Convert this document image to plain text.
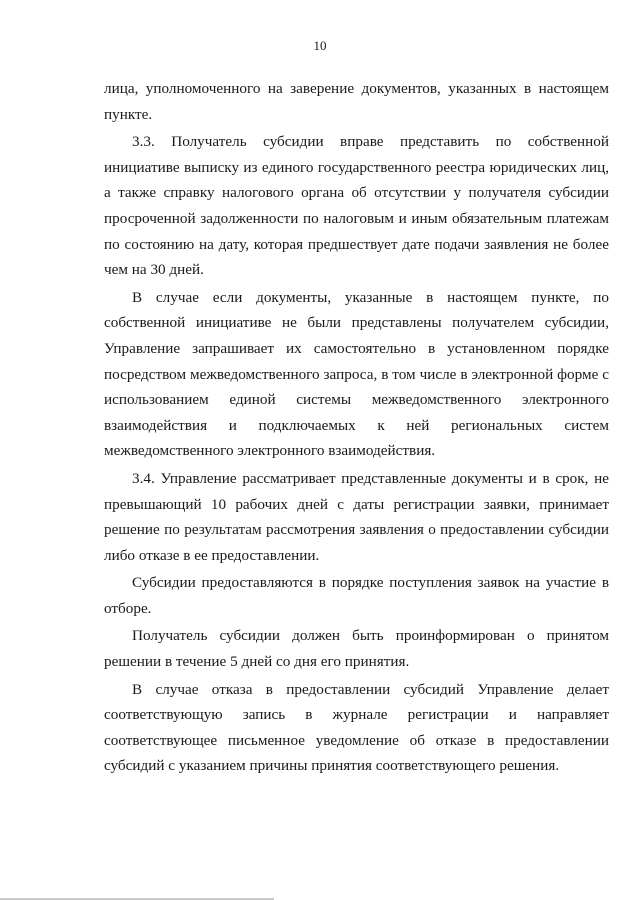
10

лица, уполномоченного на заверение документов, указанных в настоящем пункте.

3.3. Получатель субсидии вправе представить по собственной инициативе выписку из единого государственного реестра юридических лиц, а также справку налогового органа об отсутствии у получателя субсидии просроченной задолженности по налоговым и иным обязательным платежам по состоянию на дату, которая предшествует дате подачи заявления не более чем на 30 дней.

В случае если документы, указанные в настоящем пункте, по собственной инициативе не были представлены получателем субсидии, Управление запрашивает их самостоятельно в установленном порядке посредством межведомственного запроса, в том числе в электронной форме с использованием единой системы межведомственного электронного взаимодействия и подключаемых к ней региональных систем межведомственного электронного взаимодействия.

3.4. Управление рассматривает представленные документы и в срок, не превышающий 10 рабочих дней с даты регистрации заявки, принимает решение по результатам рассмотрения заявления о предоставлении субсидии либо отказе в ее предоставлении.

Субсидии предоставляются в порядке поступления заявок на участие в отборе.

Получатель субсидии должен быть проинформирован о принятом решении в течение 5 дней со дня его принятия.

В случае отказа в предоставлении субсидий Управление делает соответствующую запись в журнале регистрации и направляет соответствующее письменное уведомление об отказе в предоставлении субсидий с указанием причины принятия соответствующего решения.
